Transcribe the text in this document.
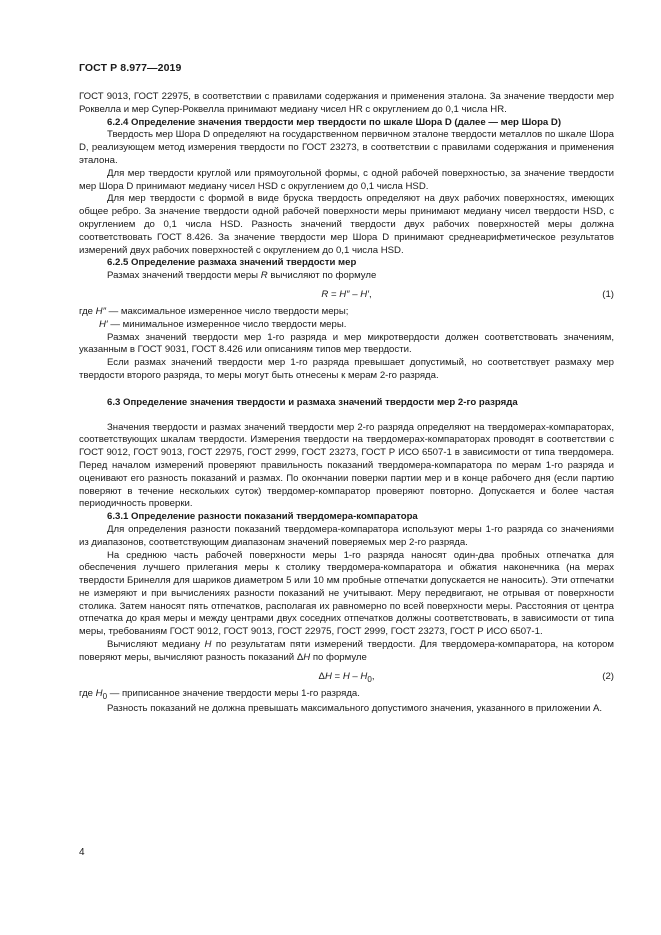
ГОСТ Р 8.977—2019

ГОСТ 9013, ГОСТ 22975, в соответствии с правилами содержания и применения эталона. За значение твердости мер Роквелла и мер Супер-Роквелла принимают медиану чисел HR с округлением до 0,1 числа HR.

6.2.4 Определение значения твердости мер твердости по шкале Шора D (далее — мер Шора D)

Твердость мер Шора D определяют на государственном первичном эталоне твердости металлов по шкале Шора D, реализующем метод измерения твердости по ГОСТ 23273, в соответствии с правилами содержания и применения эталона.

Для мер твердости круглой или прямоугольной формы, с одной рабочей поверхностью, за значение твердости мер Шора D принимают медиану чисел HSD с округлением до 0,1 числа HSD.

Для мер твердости с формой в виде бруска твердость определяют на двух рабочих поверхностях, имеющих общее ребро. За значение твердости одной рабочей поверхности меры принимают медиану чисел твердости HSD, с округлением до 0,1 числа HSD. Разность значений твердости двух рабочих поверхностей меры должна соответствовать ГОСТ 8.426. За значение твердости мер Шора D принимают среднеарифметическое результатов измерений двух рабочих поверхностей с округлением до 0,1 числа HSD.

6.2.5 Определение размаха значений твердости мер

Размах значений твердости меры R вычисляют по формуле

R = H″ – H′,	(1)

где H″ — максимальное измеренное число твердости меры;

H′ — минимальное измеренное число твердости меры.

Размах значений твердости мер 1-го разряда и мер микротвердости должен соответствовать значениям, указанным в ГОСТ 9031, ГОСТ 8.426 или описаниям типов мер твердости.

Если размах значений твердости мер 1-го разряда превышает допустимый, но соответствует размаху мер твердости второго разряда, то меры могут быть отнесены к мерам 2-го разряда.

6.3 Определение значения твердости и размаха значений твердости мер 2-го разряда

Значения твердости и размах значений твердости мер 2-го разряда определяют на твердомерах-компараторах, соответствующих шкалам твердости. Измерения твердости на твердомерах-компараторах проводят в соответствии с ГОСТ 9012, ГОСТ 9013, ГОСТ 22975, ГОСТ 2999, ГОСТ 23273, ГОСТ Р ИСО 6507-1 в зависимости от типа твердомера. Перед началом измерений проверяют правильность показаний твердомера-компаратора по мерам 1-го разряда и оценивают его разность показаний и размах. По окончании поверки партии мер и в конце рабочего дня (если партию поверяют в течение нескольких суток) твердомер-компаратор проверяют повторно. Допускается и более частая периодичность проверки.

6.3.1 Определение разности показаний твердомера-компаратора

Для определения разности показаний твердомера-компаратора используют меры 1-го разряда со значениями из диапазонов, соответствующим диапазонам значений поверяемых мер 2-го разряда.

На среднюю часть рабочей поверхности меры 1-го разряда наносят один-два пробных отпечатка для обеспечения лучшего прилегания меры к столику твердомера-компаратора и обжатия наконечника (на мерах твердости Бринелля для шариков диаметром 5 или 10 мм пробные отпечатки допускается не наносить). Эти отпечатки не измеряют и при вычислениях разности показаний не учитывают. Меру передвигают, не отрывая от поверхности столика. Затем наносят пять отпечатков, располагая их равномерно по всей поверхности меры. Расстояния от центра отпечатка до края меры и между центрами двух соседних отпечатков должны соответствовать, в зависимости от типа меры, требованиям ГОСТ 9012, ГОСТ 9013, ГОСТ 22975, ГОСТ 2999, ГОСТ 23273, ГОСТ Р ИСО 6507-1.

Вычисляют медиану H по результатам пяти измерений твердости. Для твердомера-компаратора, на котором поверяют меры, вычисляют разность показаний ΔH по формуле

$\Delta H = H - H_0$,	(2)

где $H_0$ — приписанное значение твердости меры 1-го разряда.

Разность показаний не должна превышать максимального допустимого значения, указанного в приложении А.

4
